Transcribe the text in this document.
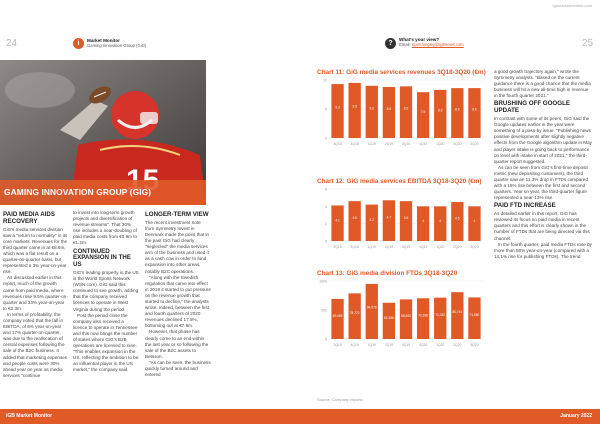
igbmarketmonitor.com
24	i	Market Monitor
Gaming Innovation Group (GiG)	?
What's your view?
Email: scott.longley@igbnews.com	25
GAMING INNOVATION GROUP (GIG)
PAID MEDIA AIDS RECOVERY

GiG's media services division saw a "return to normality" in its core markets. Revenues for the third quarter came in at €8.6m, which was a flat result on a quarter-on-quarter basis, but represented a 3% year-on-year rise.

As discussed earlier in this report, much of the growth came from paid media, where revenues rose 9.5% quarter-on-quarter and 33% year-on-year to €2.3m.

In terms of profitability, the company noted that the fall in EBITDA, of 6% year-on-year and 17% quarter-on-quarter, was due to the reallocation of central expenses following the sale of the B2C business. It added that marketing expenses and people costs were 30% ahead year on year as media services "continue

to invest into long-term growth projects and diversification of revenue streams". That 30% rise includes a near-doubling of paid media costs from €0.9m to €1.2m.

CONTINUED EXPANSION IN THE US

GiG's leading property in the US is the World Sports Network (WSN.com). GiG said this continued to see growth, adding that the company received licences to operate in West Virginia during the period.

Post the period close the company also received a licence to operate in Tennessee and this now brings the number of states where GiG's B2B operations are licensed to nine. "This enables expansion in the US, reflecting the ambition to be an influential player in the US market," the company said.

LONGER-TERM VIEW

The recent investment note from Symmetry Invest in Denmark made the point that in the past GiG had clearly "neglected" the media services arm of the business and used it as a cash cow in order to fund expansion into other areas, notably B2C operations.

"Along with the Swedish regulation that came into effect in 2019 it started to put pressure on the revenue growth that started to decline," the analysts wrote. Indeed, between the first and fourth quarters of 2020 revenues declined 17.5%, bottoming out at €7.5m.

However, that phase has clearly come to an end within the last year or so following the sale of the B2C assets to Betsson.

"As can be seen, the business quickly turned around and entered

Chart 11: GiG media services revenues 3Q18-3Q20 (€m)
10
5
0
9.3
3Q18
9.5
4Q18
9.0
1Q19
8.8
2Q19
8.9
3Q19
7.9
4Q19
8.3
1Q20
8.6
2Q20
8.6
3Q20
Chart 12: GiG media services EBITDA 3Q18-3Q20 (€m)
6
4
2
0
4.1
3Q18
4.6
4Q18
4.2
1Q19
4.7
2Q19
4.6
3Q19
4
4Q19
4
1Q20
4.5
2Q20
4
3Q20
Chart 13: GiG media division FTDs 3Q18-3Q20
100k
50k
0
69,089
3Q18
78,722
4Q18
94,978
1Q19
62,456
2Q19
68,300
3Q19
70,186
4Q19
71,330
1Q20
80,744
2Q20
71,680
3Q20
Source: Company reports

a good growth trajectory again," wrote the Symmetry analysts. "Based on the current guidance there is a good chance that the media business will hit a new all-time high in revenue in the fourth quarter 2021."

BRUSHING OFF GOOGLE UPDATE

In contrast with some of its peers, GiG said the Google updates earlier in the year were something of a pass-by issue. "Publishing news positive developments after slightly negative effects from the Google algorithm update in May and player intake is going back to performance on level with intake in start of 2021," the third-quarter report suggested.

As can be seen from GiG's first-time deposit metric (new depositing customers), the third quarter saw an 11.3% drop in FTDs compared with a 15% rise between the first and second quarters. Year on year, the third-quarter figure represented a near-13% rise.

PAID FTD INCREASE

As detailed earlier in this report, GiG has reviewed its focus on paid media in recent quarters and this effort is clearly shown in the number of FTDs that are being directed via this channel.

In the fourth quarter, paid media FTDs rose by more than 58% year-on-year (compared with a 14.1% rise for publishing FTDs). The trend

iGB Market Monitor	January 2022
